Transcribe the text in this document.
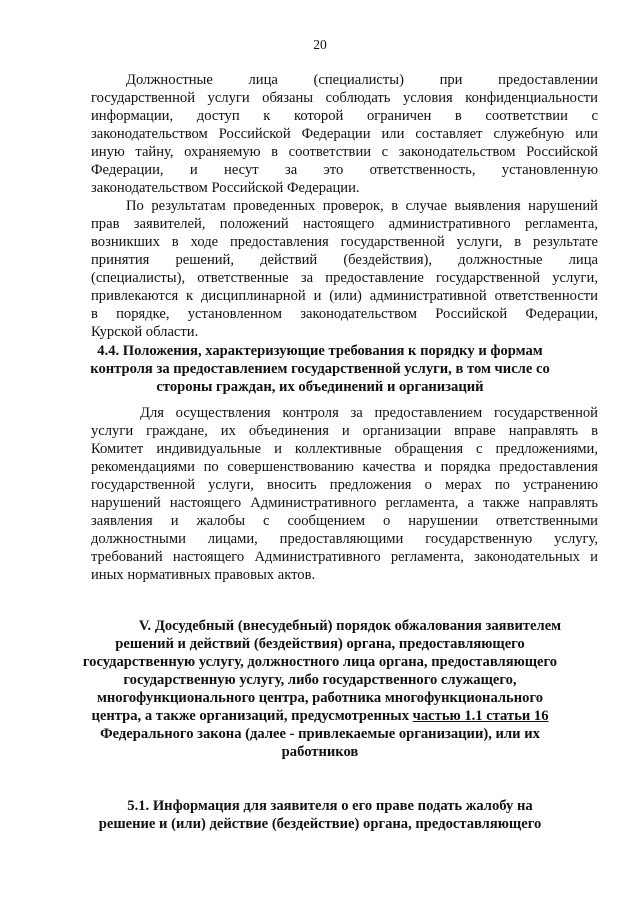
20
Должностные лица (специалисты) при предоставлении
государственной услуги обязаны соблюдать условия конфиденциальности
информации, доступ к которой ограничен в соответствии с
законодательством Российской Федерации или составляет служебную или
иную тайну, охраняемую в соответствии с законодательством Российской
Федерации, и несут за это ответственность, установленную
законодательством Российской Федерации.
По результатам проведенных проверок, в случае выявления нарушений
прав заявителей, положений настоящего административного регламента,
возникших в ходе предоставления государственной услуги, в результате
принятия решений, действий (бездействия), должностные лица
(специалисты), ответственные за предоставление государственной услуги,
привлекаются к дисциплинарной и (или) административной ответственности
в порядке, установленном законодательством Российской Федерации,
Курской области.
4.4. Положения, характеризующие требования к порядку и формам
контроля за предоставлением государственной услуги, в том числе со
стороны граждан, их объединений и организаций
Для осуществления контроля за предоставлением государственной
услуги гражданe, их объединения и организации вправе направлять в
Комитет индивидуальные и коллективные обращения с предложениями,
рекомендациями по совершенствованию качества и порядка предоставления
государственной услуги, вносить предложения о мерах по устранению
нарушений настоящего Административного регламента, а также направлять
заявления и жалобы с сообщением о нарушении ответственными
должностными лицами, предоставляющими государственную услугу,
требований настоящего Административного регламента, законодательных и
иных нормативных правовых актов.
V. Досудебный (внесудебный) порядок обжалования заявителем
решений и действий (бездействия) органа, предоставляющего
государственную услугу, должностного лица органа, предоставляющего
государственную услугу, либо государственного служащего,
многофункционального центра, работника многофункционального
центра, а также организаций, предусмотренных частью 1.1 статьи 16
Федерального закона (далее - привлекаемые организации), или их
работников
5.1. Информация для заявителя о его праве подать жалобу на
решение и (или) действие (бездействие) органа, предоставляющего
